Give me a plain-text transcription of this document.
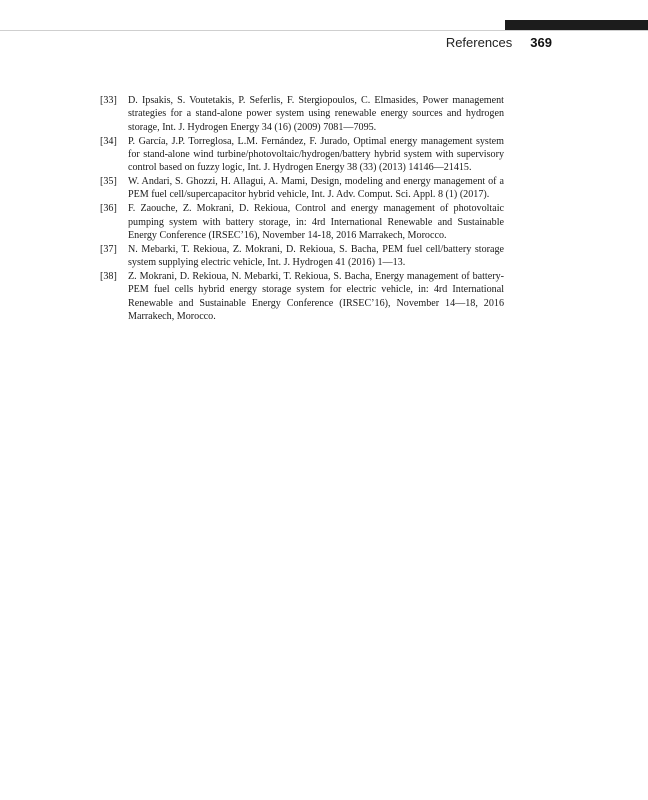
References 369
[33]	D. Ipsakis, S. Voutetakis, P. Seferlis, F. Stergiopoulos, C. Elmasides, Power management strategies for a stand-alone power system using renewable energy sources and hydrogen storage, Int. J. Hydrogen Energy 34 (16) (2009) 7081—7095.
[34]	P. García, J.P. Torreglosa, L.M. Fernández, F. Jurado, Optimal energy management system for stand-alone wind turbine/photovoltaic/hydrogen/battery hybrid system with supervisory control based on fuzzy logic, Int. J. Hydrogen Energy 38 (33) (2013) 14146—21415.
[35]	W. Andari, S. Ghozzi, H. Allagui, A. Mami, Design, modeling and energy management of a PEM fuel cell/supercapacitor hybrid vehicle, Int. J. Adv. Comput. Sci. Appl. 8 (1) (2017).
[36]	F. Zaouche, Z. Mokrani, D. Rekioua, Control and energy management of photovoltaic pumping system with battery storage, in: 4rd International Renewable and Sustainable Energy Conference (IRSEC’16), November 14-18, 2016 Marrakech, Morocco.
[37]	N. Mebarki, T. Rekioua, Z. Mokrani, D. Rekioua, S. Bacha, PEM fuel cell/battery storage system supplying electric vehicle, Int. J. Hydrogen 41 (2016) 1—13.
[38]	Z. Mokrani, D. Rekioua, N. Mebarki, T. Rekioua, S. Bacha, Energy management of battery-PEM fuel cells hybrid energy storage system for electric vehicle, in: 4rd International Renewable and Sustainable Energy Conference (IRSEC’16), November 14—18, 2016 Marrakech, Morocco.
